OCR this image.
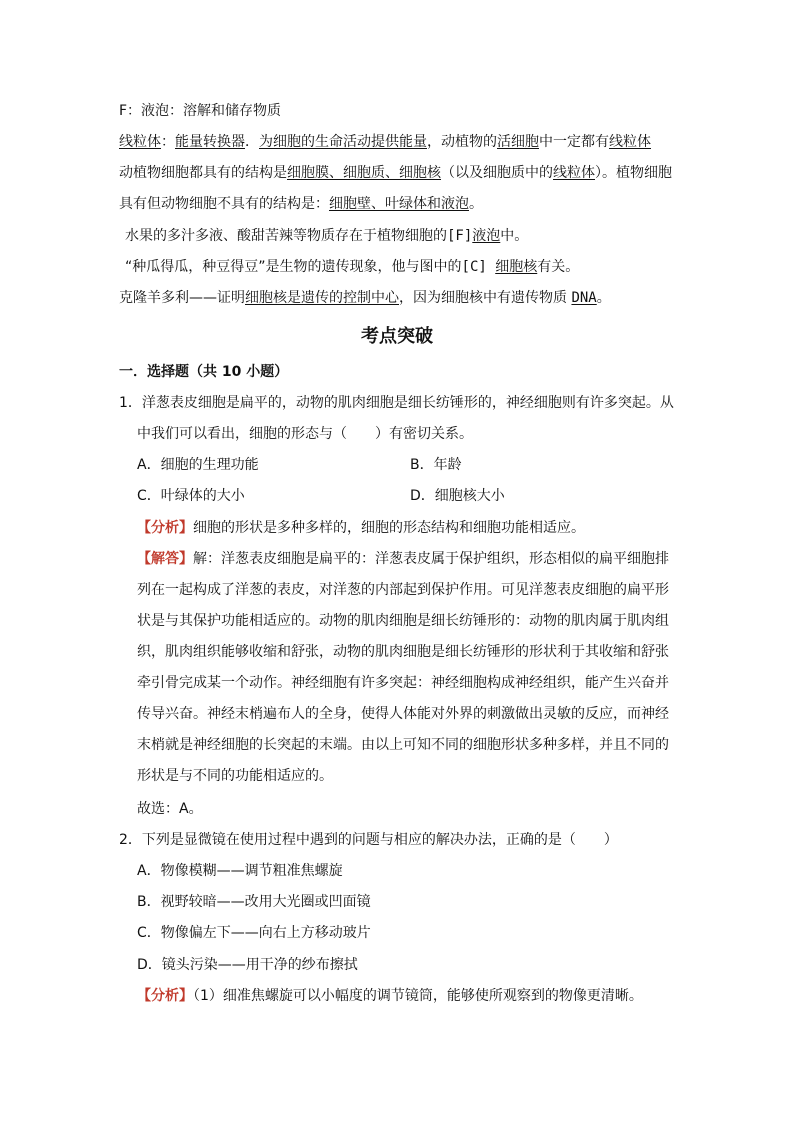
F：液泡：溶解和储存物质
线粒体：能量转换器．为细胞的生命活动提供能量，动植物的活细胞中一定都有线粒体
动植物细胞都具有的结构是细胞膜、细胞质、细胞核（以及细胞质中的线粒体）。植物细胞
具有但动物细胞不具有的结构是：细胞壁、叶绿体和液泡。
水果的多汁多液、酸甜苦辣等物质存在于植物细胞的[F]液泡中。
“种瓜得瓜，种豆得豆”是生物的遗传现象，他与图中的[C] 细胞核有关。
克隆羊多利——证明细胞核是遗传的控制中心，因为细胞核中有遗传物质 DNA。
考点突破
一．选择题（共 10 小题）
1．洋葱表皮细胞是扁平的，动物的肌肉细胞是细长纺锤形的，神经细胞则有许多突起。从
中我们可以看出，细胞的形态与（　　）有密切关系。
A．细胞的生理功能	B．年龄
C．叶绿体的大小	D．细胞核大小
【分析】细胞的形状是多种多样的，细胞的形态结构和细胞功能相适应。
【解答】解：洋葱表皮细胞是扁平的：洋葱表皮属于保护组织，形态相似的扁平细胞排
列在一起构成了洋葱的表皮，对洋葱的内部起到保护作用。可见洋葱表皮细胞的扁平形
状是与其保护功能相适应的。动物的肌肉细胞是细长纺锤形的：动物的肌肉属于肌肉组
织，肌肉组织能够收缩和舒张，动物的肌肉细胞是细长纺锤形的形状利于其收缩和舒张
牵引骨完成某一个动作。神经细胞有许多突起：神经细胞构成神经组织，能产生兴奋并
传导兴奋。神经末梢遍布人的全身，使得人体能对外界的刺激做出灵敏的反应，而神经
末梢就是神经细胞的长突起的末端。由以上可知不同的细胞形状多种多样，并且不同的
形状是与不同的功能相适应的。
故选：A。
2．下列是显微镜在使用过程中遇到的问题与相应的解决办法，正确的是（　　）
A．物像模糊——调节粗准焦螺旋
B．视野较暗——改用大光圈或凹面镜
C．物像偏左下——向右上方移动玻片
D．镜头污染——用干净的纱布擦拭
【分析】（1）细准焦螺旋可以小幅度的调节镜筒，能够使所观察到的物像更清晰。
